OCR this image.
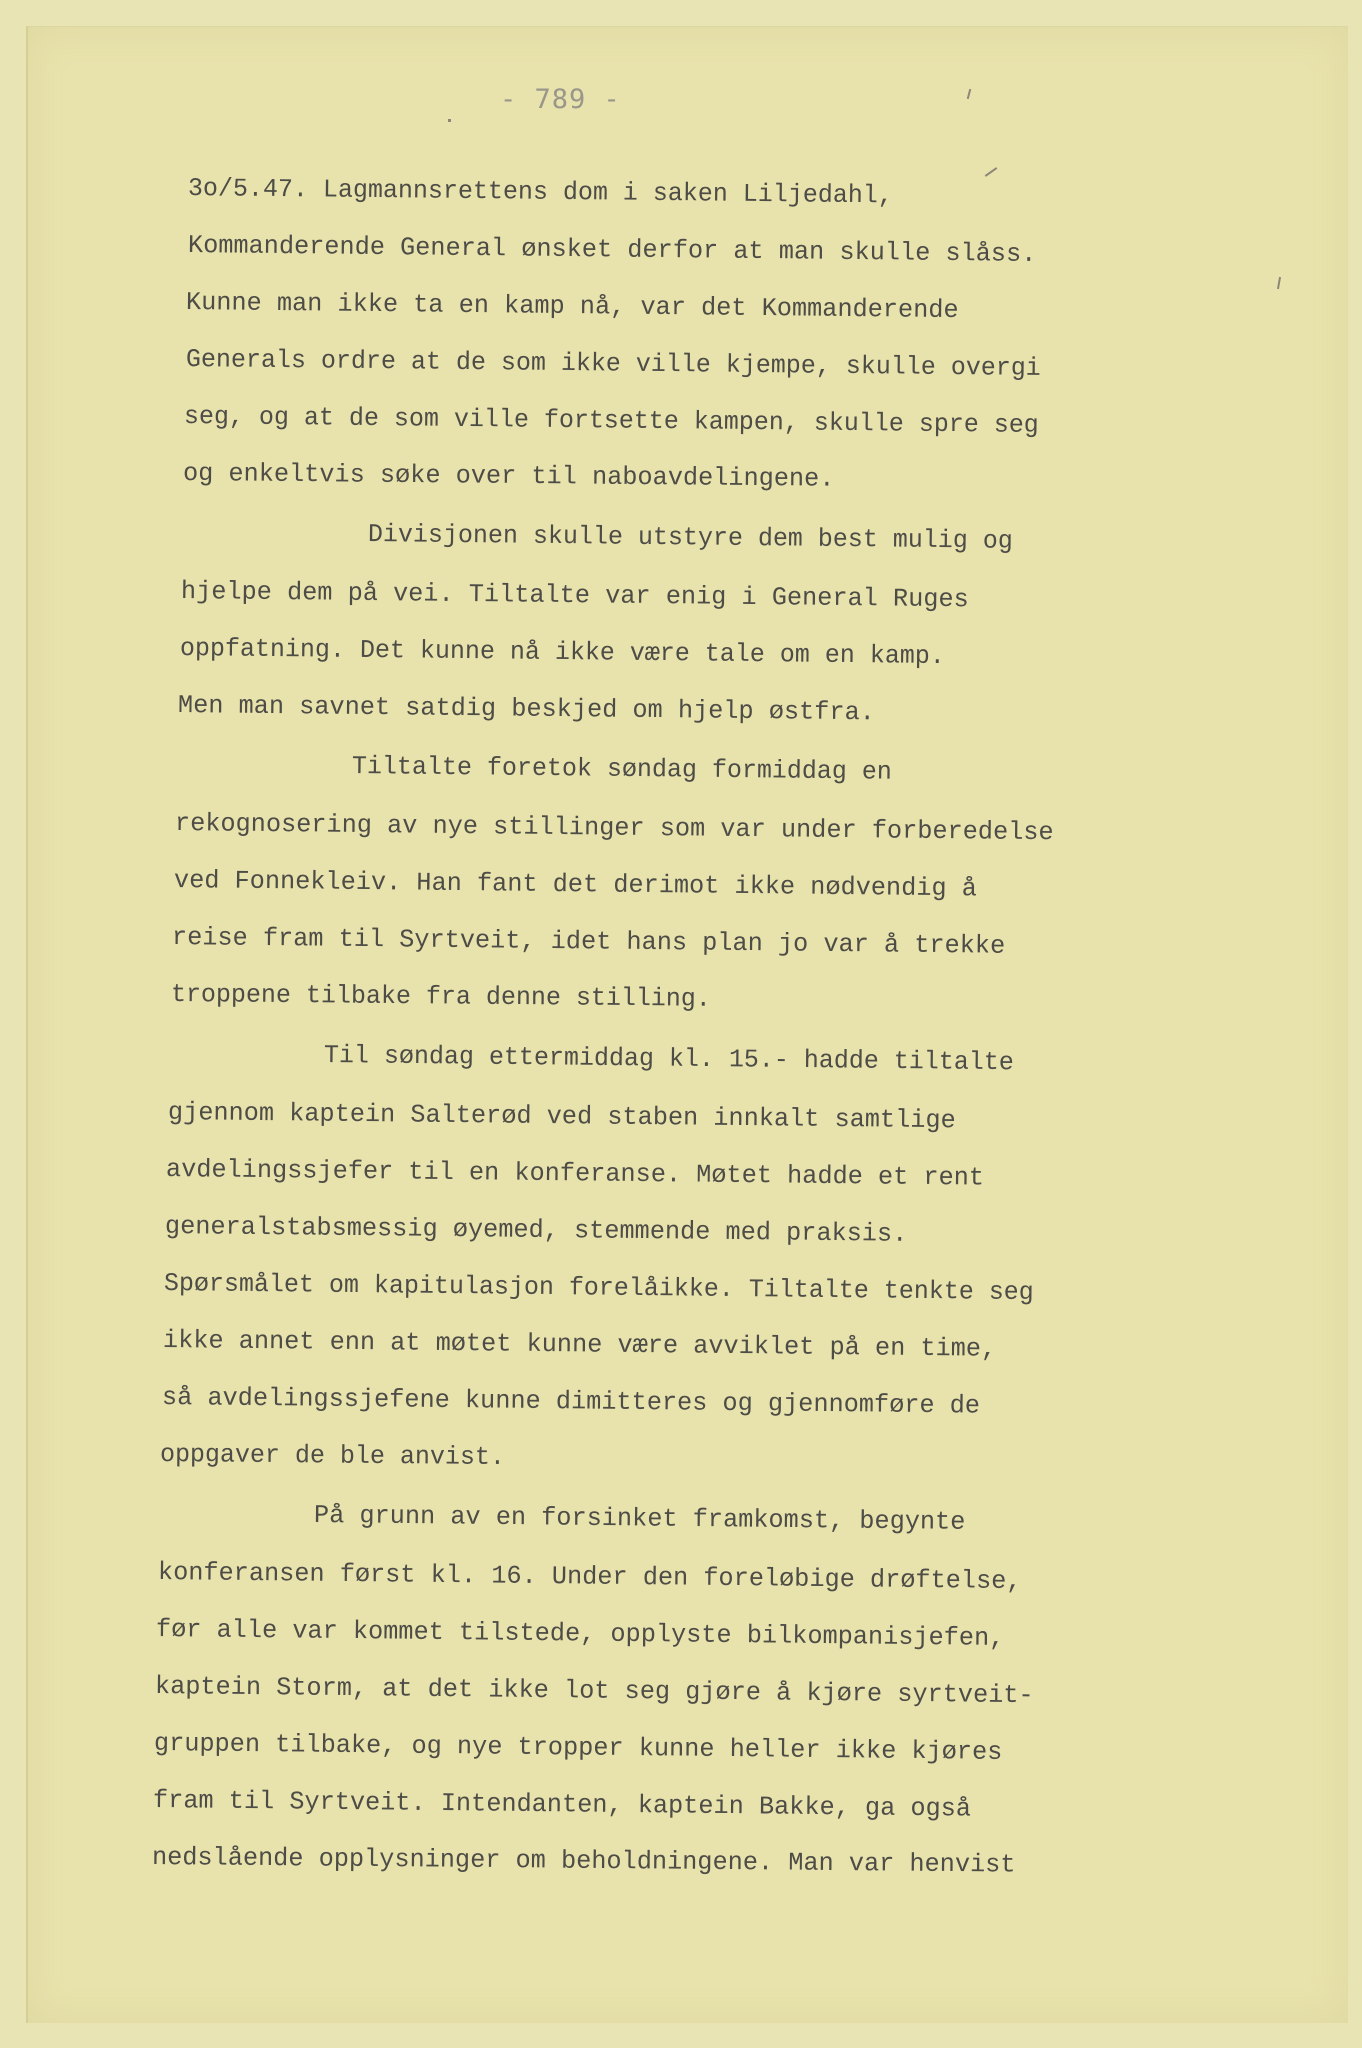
- 789 -
3o/5.47. Lagmannsrettens dom i saken Liljedahl,
Kommanderende General ønsket derfor at man skulle slåss.
Kunne man ikke ta en kamp nå, var det Kommanderende
Generals ordre at de som ikke ville kjempe, skulle overgi
seg, og at de som ville fortsette kampen, skulle spre seg
og enkeltvis søke over til naboavdelingene.
Divisjonen skulle utstyre dem best mulig og
hjelpe dem på vei. Tiltalte var enig i General Ruges
oppfatning. Det kunne nå ikke være tale om en kamp.
Men man savnet satdig beskjed om hjelp østfra.
Tiltalte foretok søndag formiddag en
rekognosering av nye stillinger som var under forberedelse
ved Fonnekleiv. Han fant det derimot ikke nødvendig å
reise fram til Syrtveit, idet hans plan jo var å trekke
troppene tilbake fra denne stilling.
Til søndag ettermiddag kl. 15.- hadde tiltalte
gjennom kaptein Salterød ved staben innkalt samtlige
avdelingssjefer til en konferanse. Møtet hadde et rent
generalstabsmessig øyemed, stemmende med praksis.
Spørsmålet om kapitulasjon forelåikke. Tiltalte tenkte seg
ikke annet enn at møtet kunne være avviklet på en time,
så avdelingssjefene kunne dimitteres og gjennomføre de
oppgaver de ble anvist.
På grunn av en forsinket framkomst, begynte
konferansen først kl. 16. Under den foreløbige drøftelse,
før alle var kommet tilstede, opplyste bilkompanisjefen,
kaptein Storm, at det ikke lot seg gjøre å kjøre syrtveit-
gruppen tilbake, og nye tropper kunne heller ikke kjøres
fram til Syrtveit. Intendanten, kaptein Bakke, ga også
nedslående opplysninger om beholdningene. Man var henvist
